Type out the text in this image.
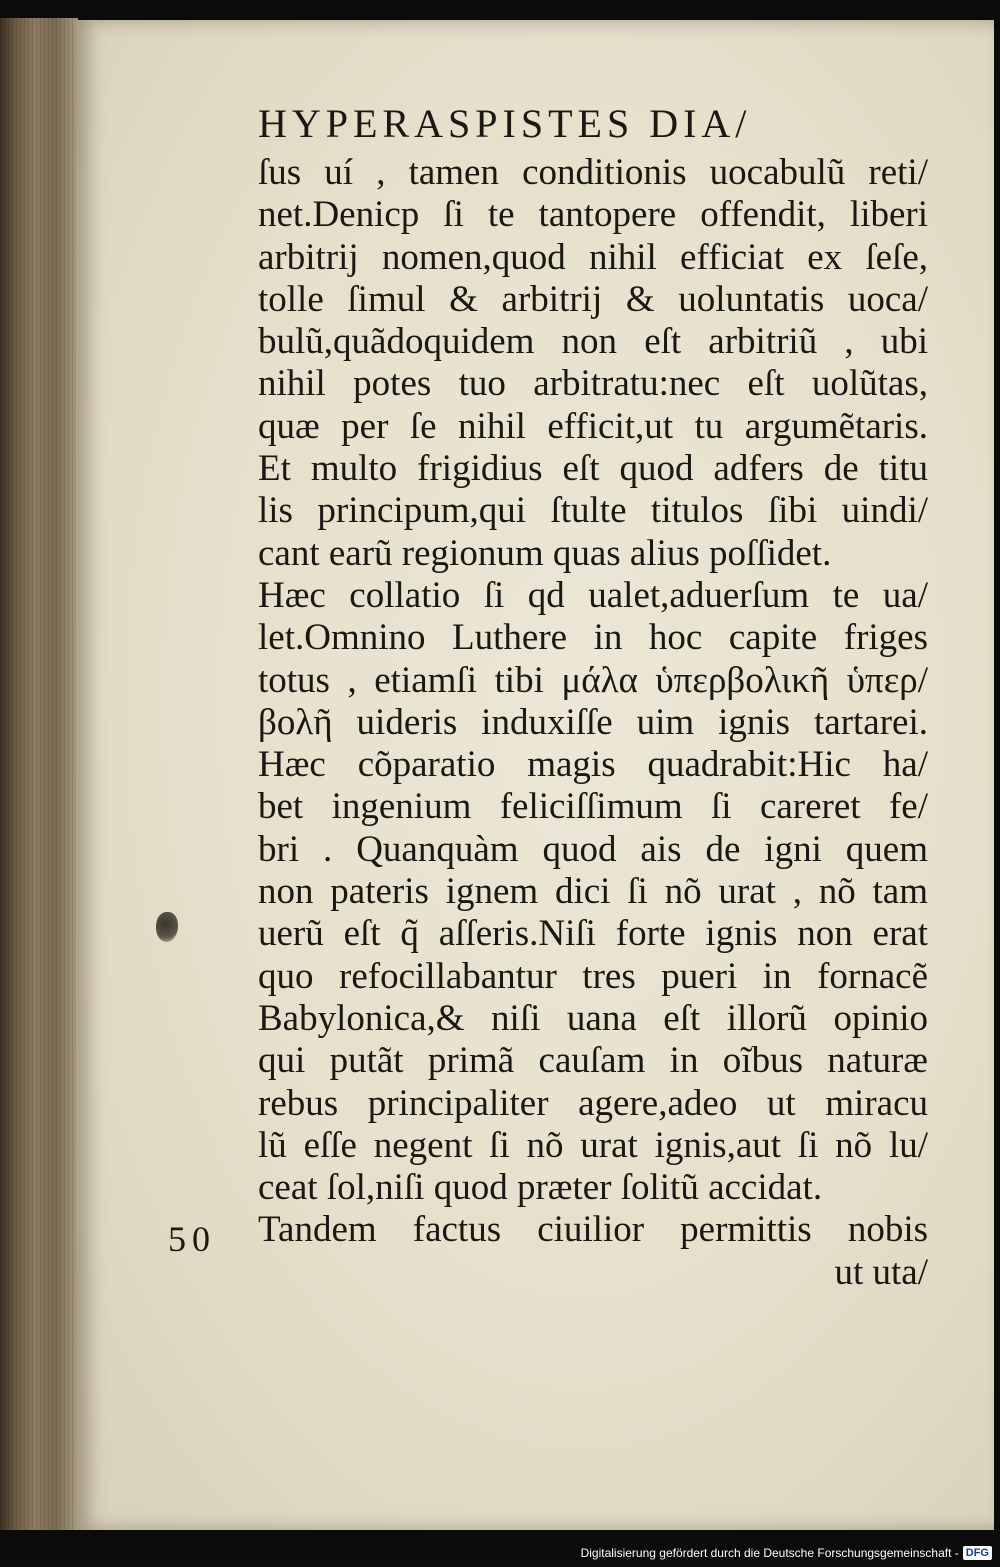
HYPERASPISTES DIA/
ſus uí , tamen conditionis uocabulũ reti/
net.Denicp ſi te tantopere offendit, liberi
arbitrij nomen,quod nihil efficiat ex ſeſe,
tolle ſimul & arbitrij & uoluntatis uoca/
bulũ,quãdoquidem non eſt arbitriũ , ubi
nihil potes tuo arbitratu:nec eſt uolũtas,
quæ per ſe nihil efficit,ut tu argumẽtaris.
Et multo frigidius eſt quod adfers de titu
lis principum,qui ſtulte titulos ſibi uindi/
cant earũ regionum quas alius poſſidet.
Hæc collatio ſi qd ualet,aduerſum te ua/
let.Omnino Luthere in hoc capite friges
totus , etiamſi tibi μάλα ὑπερβολικῆ ὑπερ/
βολῆ uideris induxiſſe uim ignis tartarei.
Hæc cõparatio magis quadrabit:Hic ha/
bet ingenium feliciſſimum ſi careret fe/
bri . Quanquàm quod ais de igni quem
non pateris ignem dici ſi nõ urat , nõ tam
uerũ eſt q̃ aſſeris.Niſi forte ignis non erat
quo refocillabantur tres pueri in fornacẽ
Babylonica,& niſi uana eſt illorũ opinio
qui putãt primã cauſam in oĩbus naturæ
rebus principaliter agere,adeo ut miracu
lũ eſſe negent ſi nõ urat ignis,aut ſi nõ lu/
ceat ſol,niſi quod præter ſolitũ accidat.
Tandem factus ciuilior permittis nobis
ut uta/
50
Digitalisierung gefördert durch die Deutsche Forschungsgemeinschaft - DFG
